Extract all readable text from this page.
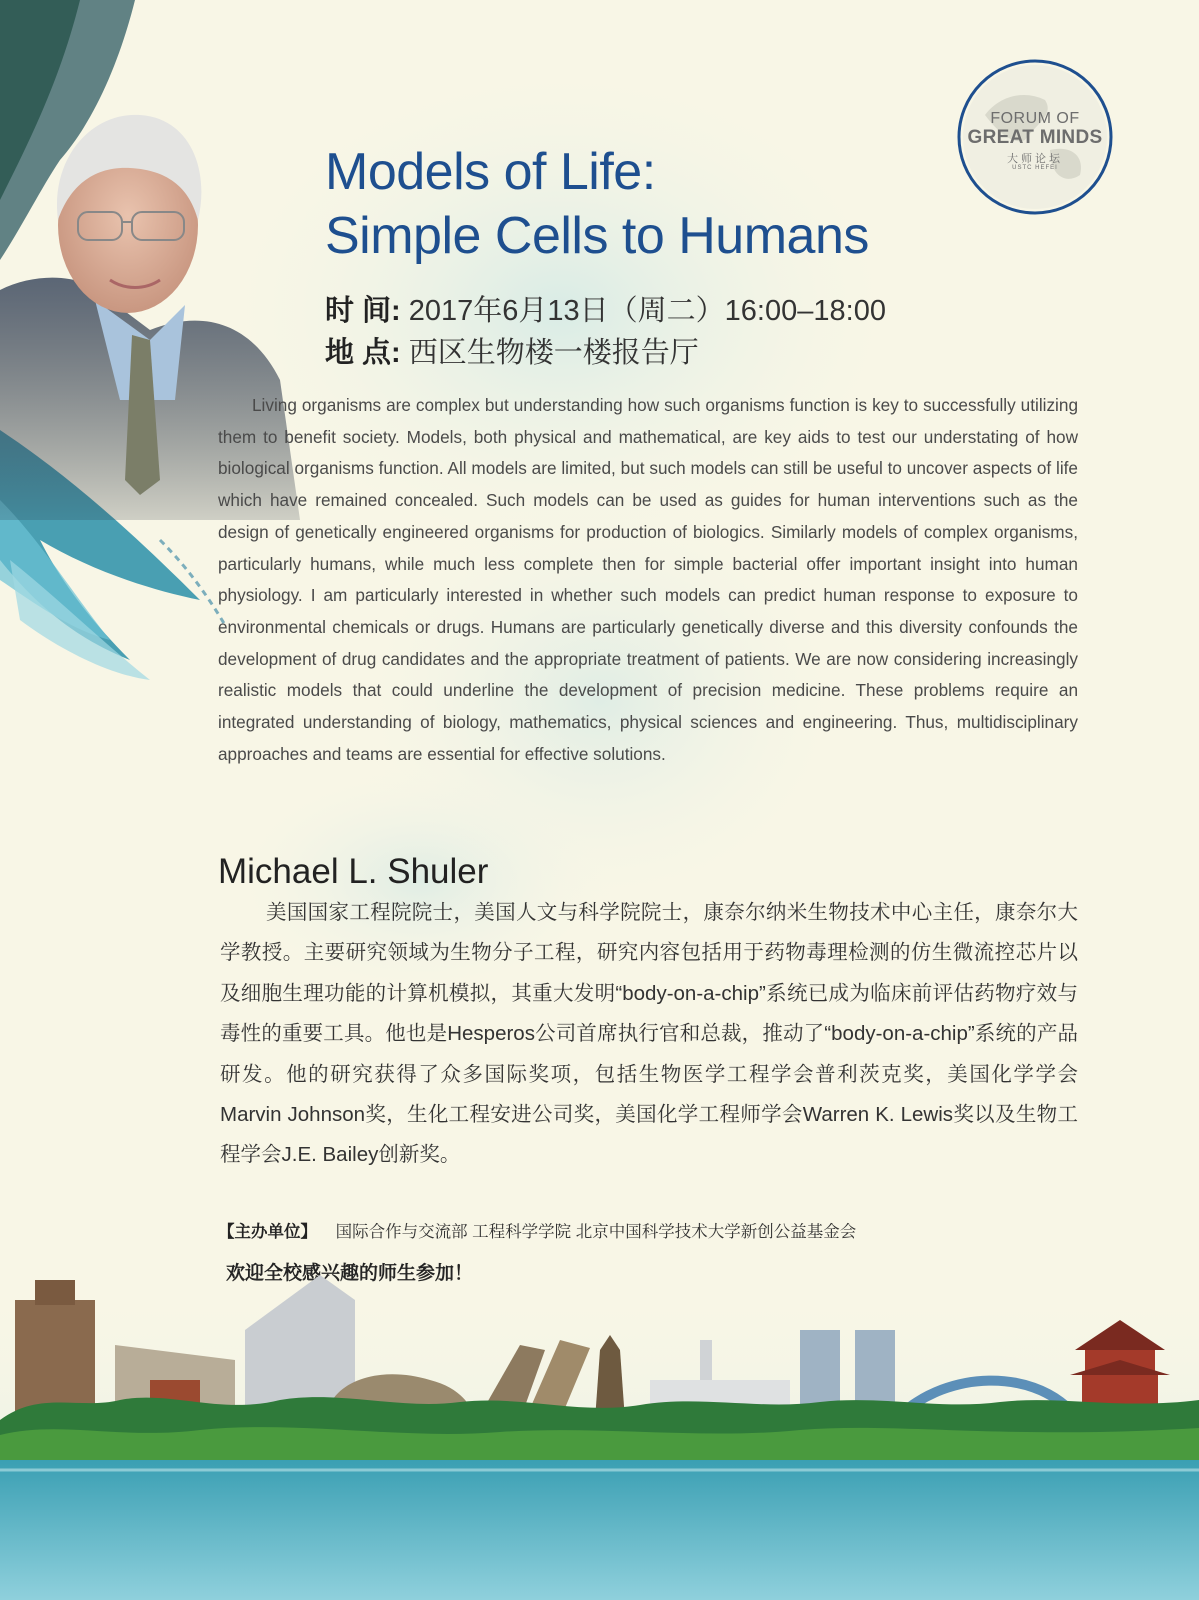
FORUM OF
GREAT MINDS
大师论坛
USTC HEFEI
Models of Life:
Simple Cells to Humans
时 间: 2017年6月13日（周二）16:00–18:00
地 点: 西区生物楼一楼报告厅
Living organisms are complex but understanding how such organisms function is key to successfully utilizing them to benefit society. Models, both physical and mathematical, are key aids to test our understating of how biological organisms function. All models are limited, but such models can still be useful to uncover aspects of life which have remained concealed. Such models can be used as guides for human interventions such as the design of genetically engineered organisms for production of biologics. Similarly models of complex organisms, particularly humans, while much less complete then for simple bacterial offer important insight into human physiology. I am particularly interested in whether such models can predict human response to exposure to environmental chemicals or drugs. Humans are particularly genetically diverse and this diversity confounds the development of drug candidates and the appropriate treatment of patients. We are now considering increasingly realistic models that could underline the development of precision medicine. These problems require an integrated understanding of biology, mathematics, physical sciences and engineering. Thus, multidisciplinary approaches and teams are essential for effective solutions.
Michael L. Shuler
美国国家工程院院士，美国人文与科学院院士，康奈尔纳米生物技术中心主任，康奈尔大学教授。主要研究领域为生物分子工程，研究内容包括用于药物毒理检测的仿生微流控芯片以及细胞生理功能的计算机模拟，其重大发明“body-on-a-chip”系统已成为临床前评估药物疗效与毒性的重要工具。他也是Hesperos公司首席执行官和总裁，推动了“body-on-a-chip”系统的产品研发。他的研究获得了众多国际奖项，包括生物医学工程学会普利茨克奖，美国化学学会Marvin Johnson奖，生化工程安进公司奖，美国化学工程师学会Warren K. Lewis奖以及生物工程学会J.E. Bailey创新奖。
【主办单位】 国际合作与交流部 工程科学学院 北京中国科学技术大学新创公益基金会
